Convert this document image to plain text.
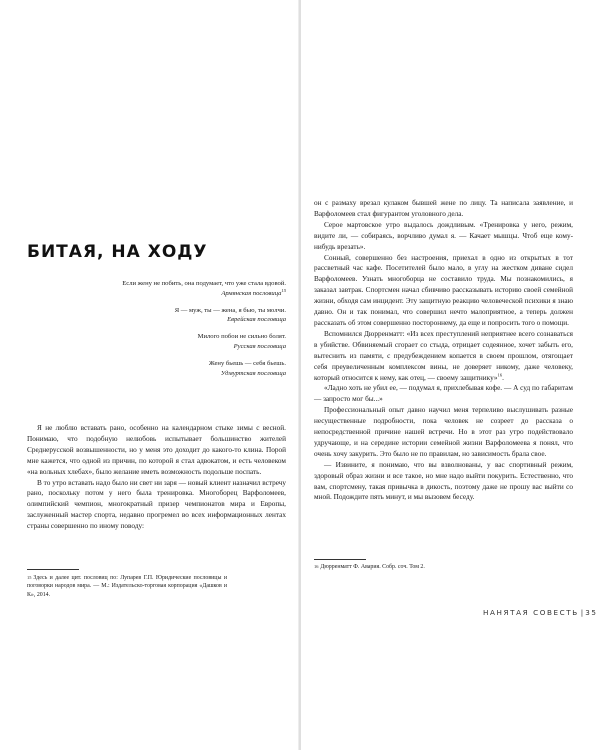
БИТАЯ, НА ХОДУ
Если жену не побить, она подумает, что уже стала вдовой.
Армянская пословица$^{15}$
Я — муж, ты — жена, я бью, ты молчи.
Еврейская пословица
Милого побои не сильно болят.
Русская пословица
Жену бьешь — себя бьешь.
Удмуртская пословица

Я не люблю вставать рано, особенно на календарном стыке зимы с весной. Понимаю, что подобную нелюбовь испытывает большинство жителей Среднерусской возвышенности, но у меня это доходит до какого-то клина. Порой мне кажется, что одной из причин, по которой я стал адвокатом, и есть человеком «на вольных хлебах», было желание иметь возможность подольше поспать.

В то утро вставать надо было ни свет ни заря — новый клиент назначил встречу рано, поскольку потом у него была тренировка. Многоборец Варфоломеев, олимпийский чемпион, многократный призер чемпионатов мира и Европы, заслуженный мастер спорта, недавно прогремел во всех информационных лентах страны совершенно по иному поводу:

$^{15}$ Здесь и далее цит. пословиц по: Лупарев Г.П. Юридические пословицы и поговорки народов мира. — М.: Издательско-торговая корпорация «Дашков и К», 2014.

он с размаху врезал кулаком бывшей жене по лицу. Та написала заявление, и Варфоломеев стал фигурантом уголовного дела.

Серое мартовское утро выдалось дождливым. «Тренировка у него, режим, видите ли, — собираясь, ворчливо думал я. — Качает мышцы. Чтоб еще кому-нибудь врезать».

Сонный, совершенно без настроения, приехал в одно из открытых в тот рассветный час кафе. Посетителей было мало, в углу на жестком диване сидел Варфоломеев. Узнать многоборца не составило труда. Мы познакомились, я заказал завтрак. Спортсмен начал сбивчиво рассказывать историю своей семейной жизни, обходя сам инцидент. Эту защитную реакцию человеческой психики я знаю давно. Он и так понимал, что совершил нечто малоприятное, а теперь должен рассказать об этом совершенно постороннему, да еще и попросить того о помощи.

Вспомнился Дюрренматт: «Из всех преступлений неприятнее всего сознаваться в убийстве. Обвиняемый сгорает со стыда, отрицает содеянное, хочет забыть его, вытеснить из памяти, с предубеждением копается в своем прошлом, отягощает себя преувеличенным комплексом вины, не доверяет никому, даже человеку, который относится к нему, как отец, — своему защитнику»$^{16}$.

«Ладно хоть не убил ее, — подумал я, прихлебывая кофе. — А суд по габаритам — запросто мог бы...»

Профессиональный опыт давно научил меня терпеливо выслушивать разные несущественные подробности, пока человек не созреет до рассказа о непосредственной причине нашей встречи. Но в этот раз утро подействовало удручающе, и на середине истории семейной жизни Варфоломеева я понял, что очень хочу закурить. Это было не по правилам, но зависимость брала свое.

— Извините, я понимаю, что вы взволнованы, у вас спортивный режим, здоровый образ жизни и все такое, но мне надо выйти покурить. Естественно, что вам, спортсмену, такая привычка в дикость, поэтому даже не прошу вас выйти со мной. Подождите пять минут, и мы вызовем беседу.

$^{16}$ Дюрренматт Ф. Авария. Собр. соч. Том 2.

НАНЯТАЯ СОВЕСТЬ | 35
